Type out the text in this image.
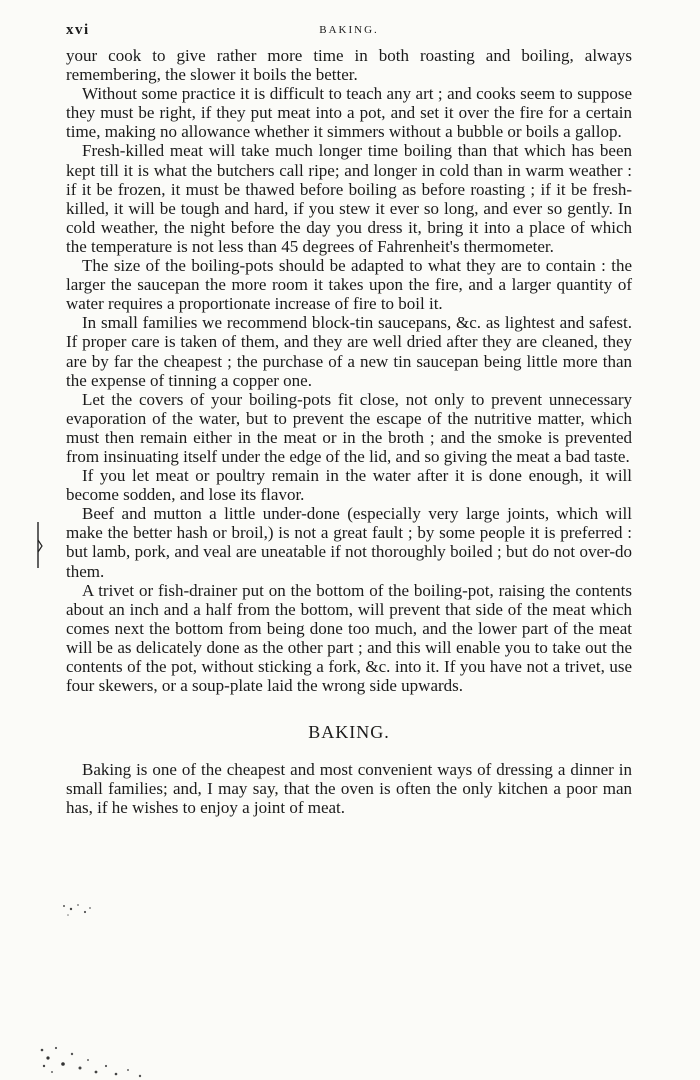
xvi	BAKING.

your cook to give rather more time in both roasting and boiling, always remembering, the slower it boils the better.

Without some practice it is difficult to teach any art ; and cooks seem to suppose they must be right, if they put meat into a pot, and set it over the fire for a certain time, making no allowance whether it simmers without a bubble or boils a gallop.

Fresh-killed meat will take much longer time boiling than that which has been kept till it is what the butchers call ripe; and longer in cold than in warm weather : if it be frozen, it must be thawed before boiling as before roasting ; if it be fresh-killed, it will be tough and hard, if you stew it ever so long, and ever so gently. In cold weather, the night before the day you dress it, bring it into a place of which the temperature is not less than 45 degrees of Fahrenheit's thermometer.

The size of the boiling-pots should be adapted to what they are to contain : the larger the saucepan the more room it takes upon the fire, and a larger quantity of water requires a proportionate increase of fire to boil it.

In small families we recommend block-tin saucepans, &c. as lightest and safest. If proper care is taken of them, and they are well dried after they are cleaned, they are by far the cheapest ; the purchase of a new tin saucepan being little more than the expense of tinning a copper one.

Let the covers of your boiling-pots fit close, not only to prevent unnecessary evaporation of the water, but to prevent the escape of the nutritive matter, which must then remain either in the meat or in the broth ; and the smoke is prevented from insinuating itself under the edge of the lid, and so giving the meat a bad taste.

If you let meat or poultry remain in the water after it is done enough, it will become sodden, and lose its flavor.

Beef and mutton a little under-done (especially very large joints, which will make the better hash or broil,) is not a great fault ; by some people it is preferred : but lamb, pork, and veal are uneatable if not thoroughly boiled ; but do not over-do them.

A trivet or fish-drainer put on the bottom of the boiling-pot, raising the contents about an inch and a half from the bottom, will prevent that side of the meat which comes next the bottom from being done too much, and the lower part of the meat will be as delicately done as the other part ; and this will enable you to take out the contents of the pot, without sticking a fork, &c. into it. If you have not a trivet, use four skewers, or a soup-plate laid the wrong side upwards.

BAKING.

Baking is one of the cheapest and most convenient ways of dressing a dinner in small families; and, I may say, that the oven is often the only kitchen a poor man has, if he wishes to enjoy a joint of meat.
